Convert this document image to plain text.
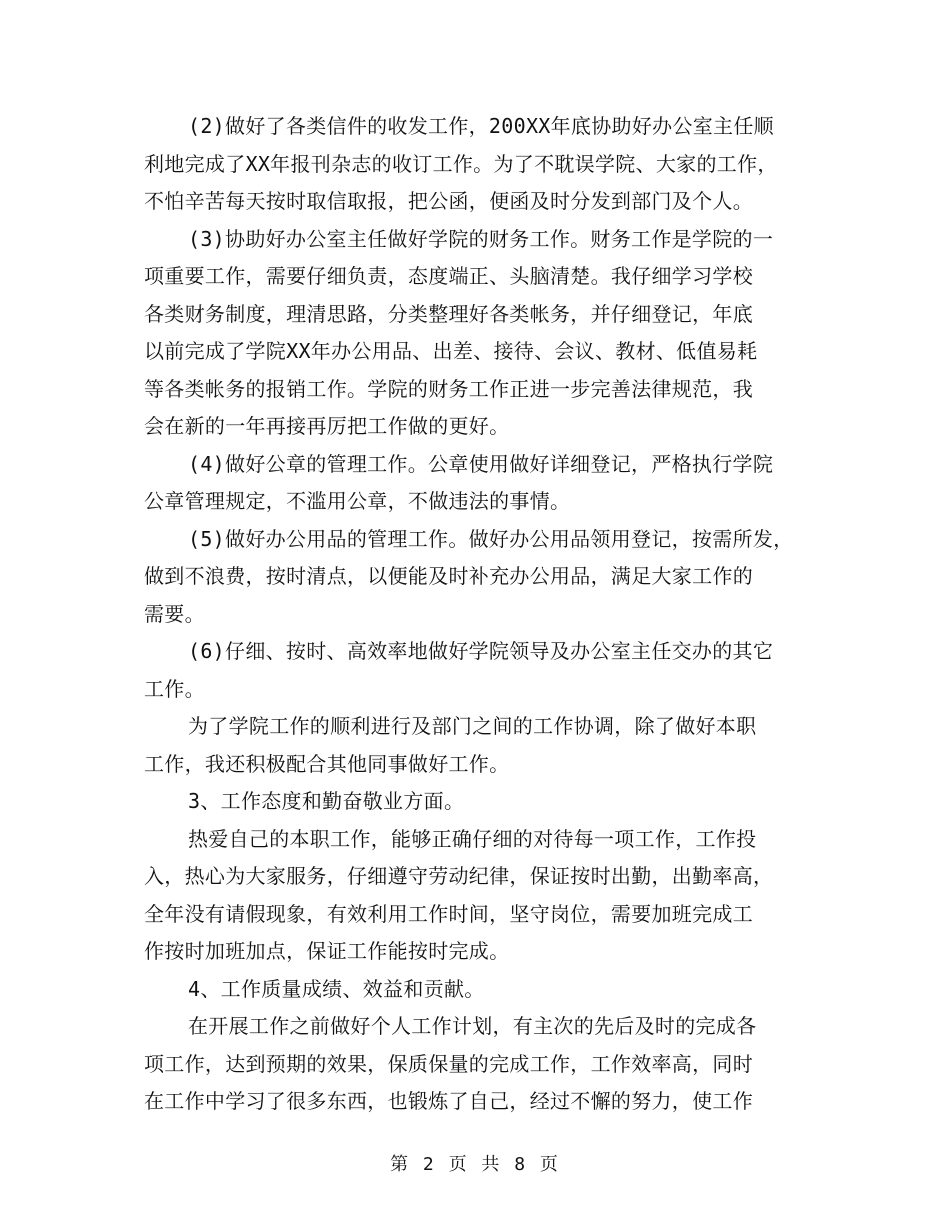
(2)做好了各类信件的收发工作，200XX年底协助好办公室主任顺
利地完成了XX年报刊杂志的收订工作。为了不耽误学院、大家的工作，
不怕辛苦每天按时取信取报，把公函，便函及时分发到部门及个人。
(3)协助好办公室主任做好学院的财务工作。财务工作是学院的一
项重要工作，需要仔细负责，态度端正、头脑清楚。我仔细学习学校
各类财务制度，理清思路，分类整理好各类帐务，并仔细登记，年底
以前完成了学院XX年办公用品、出差、接待、会议、教材、低值易耗
等各类帐务的报销工作。学院的财务工作正进一步完善法律规范，我
会在新的一年再接再厉把工作做的更好。
(4)做好公章的管理工作。公章使用做好详细登记，严格执行学院
公章管理规定，不滥用公章，不做违法的事情。
(5)做好办公用品的管理工作。做好办公用品领用登记，按需所发，
做到不浪费，按时清点，以便能及时补充办公用品，满足大家工作的
需要。
(6)仔细、按时、高效率地做好学院领导及办公室主任交办的其它
工作。
为了学院工作的顺利进行及部门之间的工作协调，除了做好本职
工作，我还积极配合其他同事做好工作。
3、工作态度和勤奋敬业方面。
热爱自己的本职工作，能够正确仔细的对待每一项工作，工作投
入，热心为大家服务，仔细遵守劳动纪律，保证按时出勤，出勤率高，
全年没有请假现象，有效利用工作时间，坚守岗位，需要加班完成工
作按时加班加点，保证工作能按时完成。
4、工作质量成绩、效益和贡献。
在开展工作之前做好个人工作计划，有主次的先后及时的完成各
项工作，达到预期的效果，保质保量的完成工作，工作效率高，同时
在工作中学习了很多东西，也锻炼了自己，经过不懈的努力，使工作
第 2 页 共 8 页
